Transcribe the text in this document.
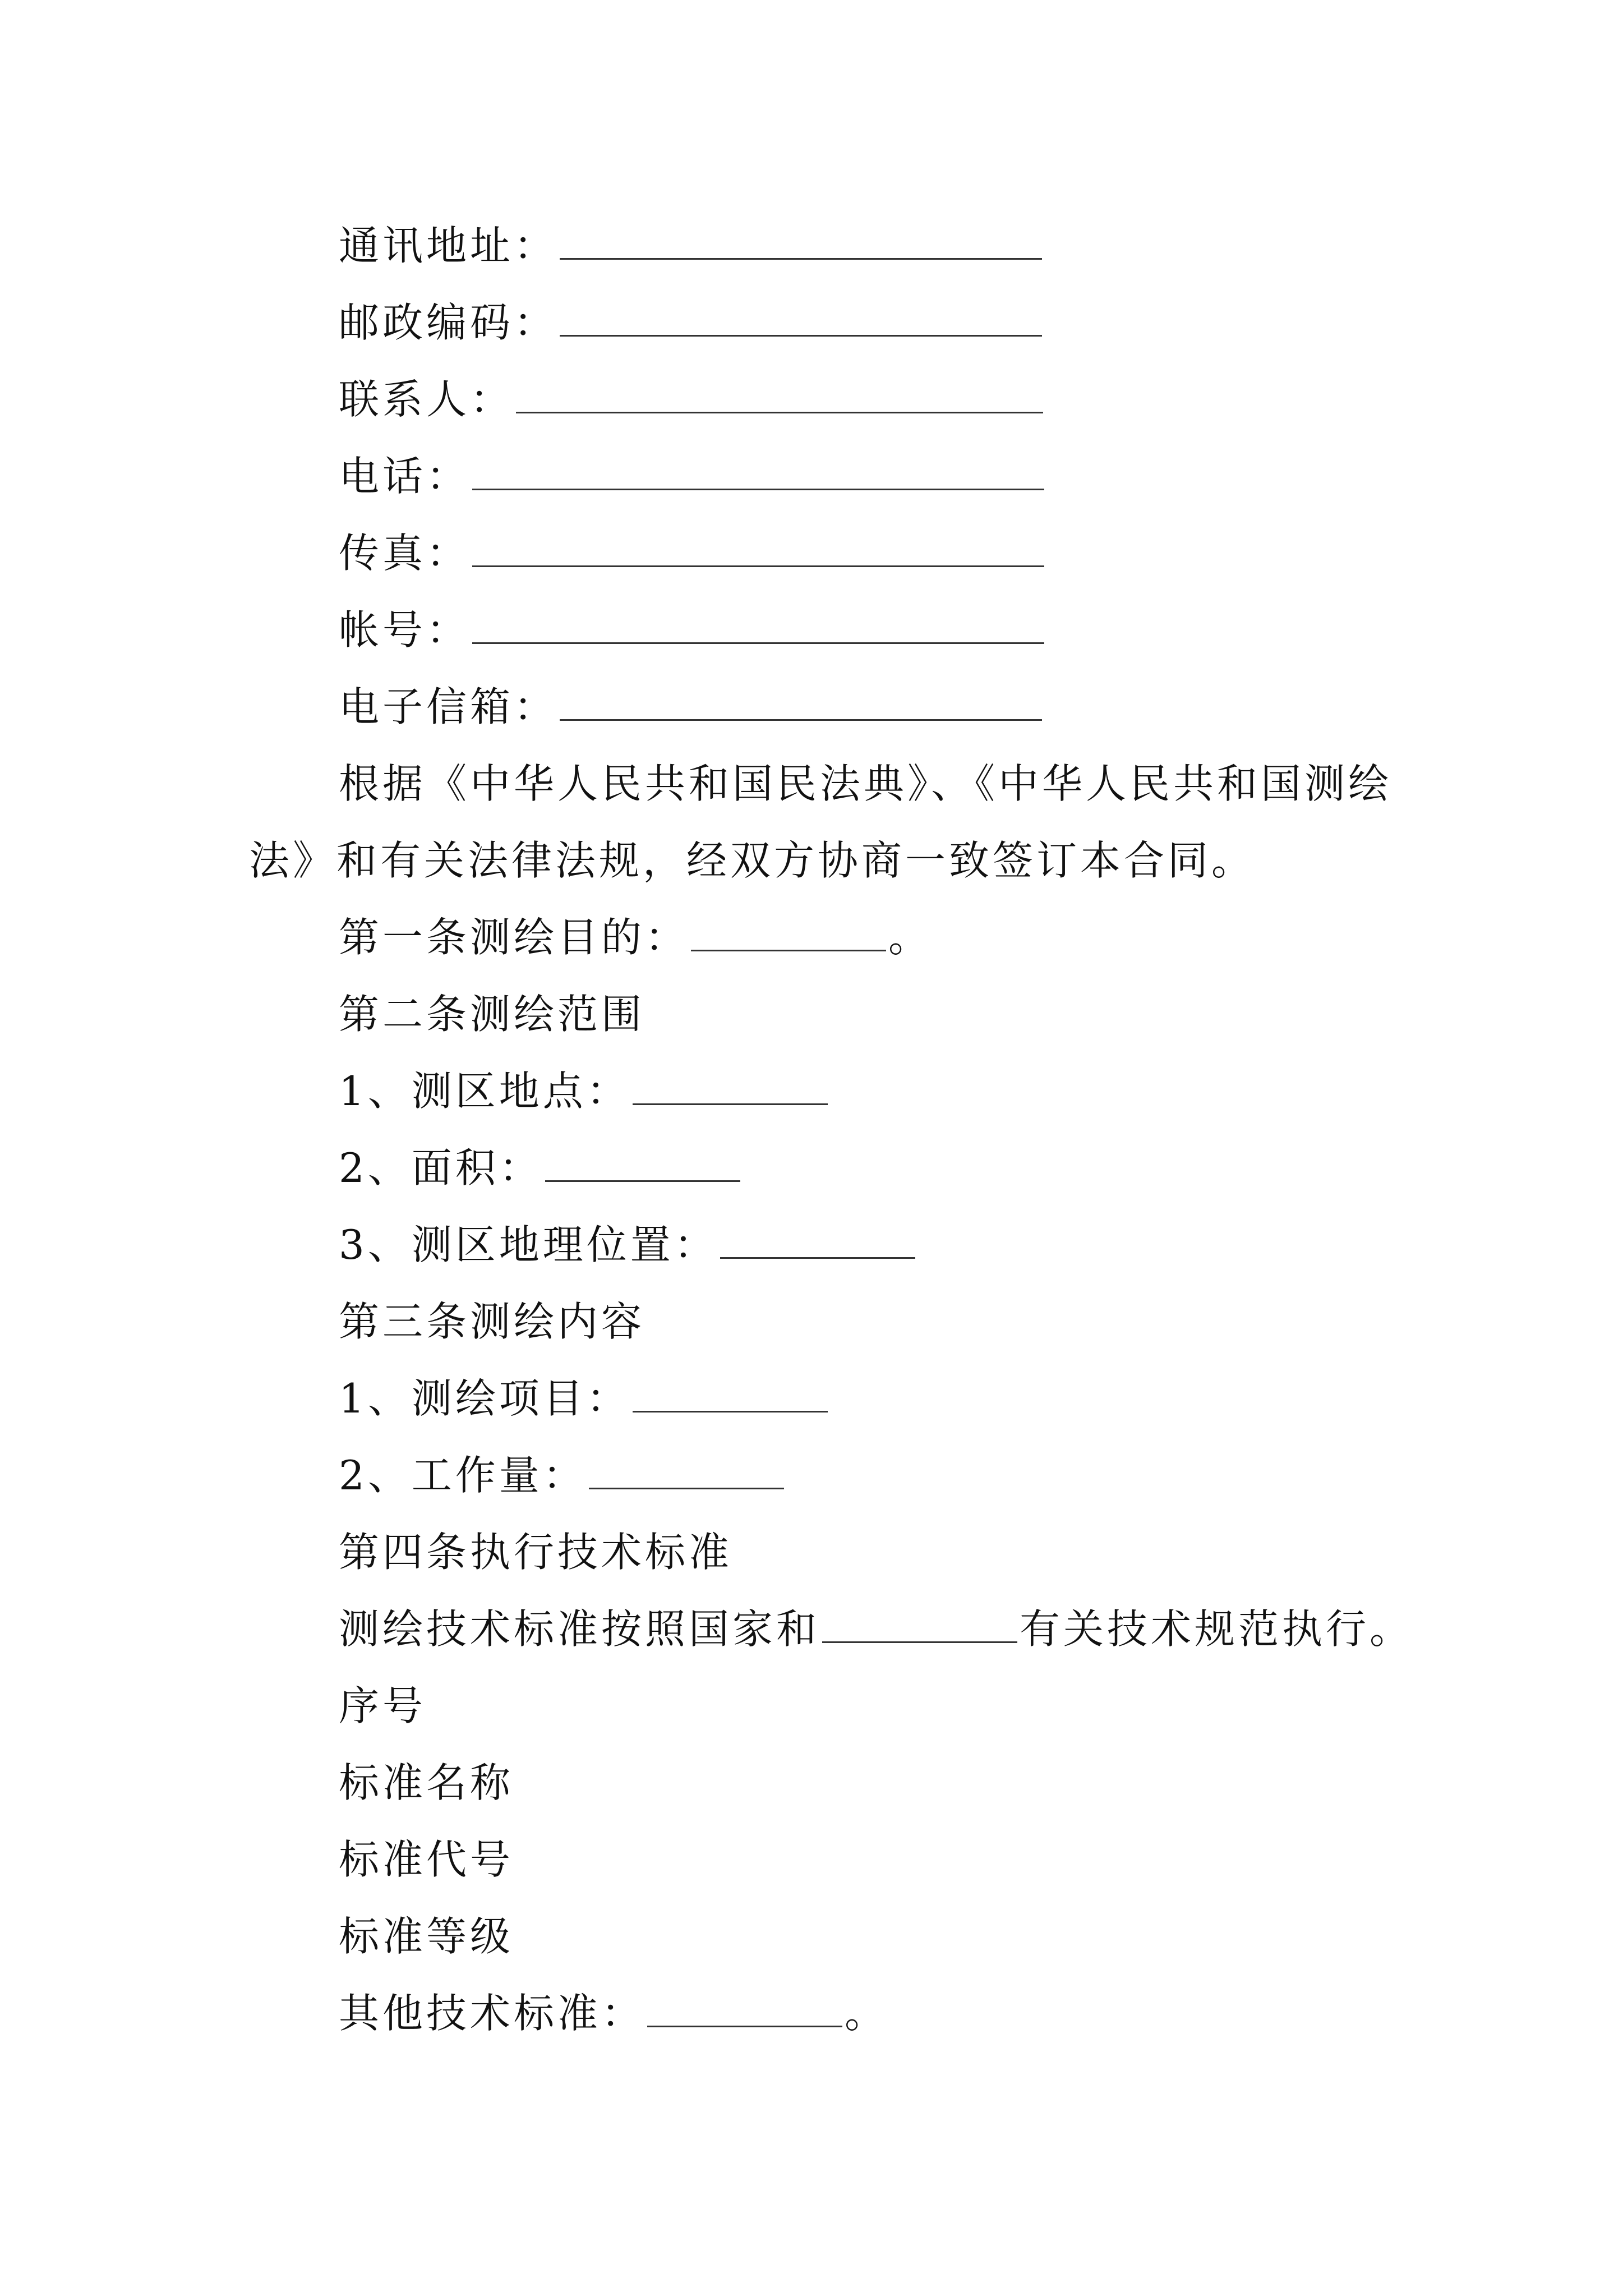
通讯地址：
邮政编码：
联系人：
电话：
传真：
帐号：
电子信箱：
根据《中华人民共和国民法典》、《中华人民共和国测绘
法》和有关法律法规，经双方协商一致签订本合同。
第一条测绘目的：	。
第二条测绘范围
1、测区地点：
2、面积：
3、测区地理位置：
第三条测绘内容
1、测绘项目：
2、工作量：
第四条执行技术标准
测绘技术标准按照国家和	有关技术规范执行。
序号
标准名称
标准代号
标准等级
其他技术标准：	。
